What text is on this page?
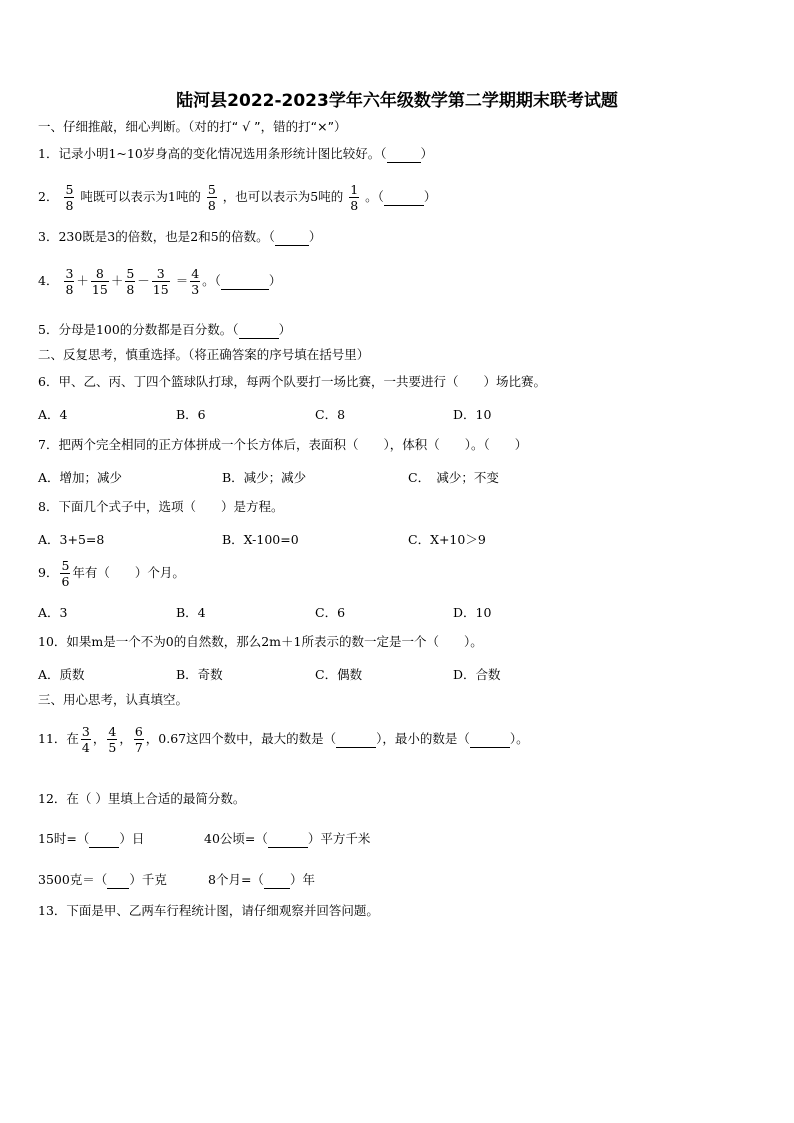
陆河县2022-2023学年六年级数学第二学期期末联考试题
一、仔细推敲，细心判断。（对的打“ √ ”，错的打“×”）
1．记录小明1~10岁身高的变化情况选用条形统计图比较好。（	）
2． $\frac{5}{8}$ 吨既可以表示为1吨的 $\frac{5}{8}$ ，也可以表示为5吨的 $\frac{1}{8}$ 。（	）
3．230既是3的倍数，也是2和5的倍数。（	）
4． $\frac{3}{8} + \frac{8}{15} + \frac{5}{8} - \frac{3}{15} = \frac{4}{3}$ 。（	）
5．分母是100的分数都是百分数。（	）
二、反复思考，慎重选择。（将正确答案的序号填在括号里）
6．甲、乙、丙、丁四个篮球队打球，每两个队要打一场比赛，一共要进行（　　）场比赛。
A．4	B．6	C．8	D．10
7．把两个完全相同的正方体拼成一个长方体后，表面积（　　），体积（　　）。（　　）
A．增加；减少	B．减少；减少	C．　减少；不变
8．下面几个式子中，选项（　　）是方程。
A．3+5=8	B．X-100=0	C．X+10＞9
9． $\frac{5}{6}$ 年有（　　）个月。
A．3	B．4	C．6	D．10
10．如果m是一个不为0的自然数，那么2m＋1所表示的数一定是一个（　　）。
A．质数	B．奇数	C．偶数	D．合数
三、用心思考，认真填空。
11．在 $\frac{3}{4}$ ， $\frac{4}{5}$ ， $\frac{6}{7}$ ，0.67这四个数中，最大的数是（	），最小的数是（	）。
12．在（ ）里填上合适的最简分数。
15时=（ ）日	40公顷=（	）平方千米
3500克＝（ ）千克	8个月=（ ）年
13．下面是甲、乙两车行程统计图，请仔细观察并回答问题。
